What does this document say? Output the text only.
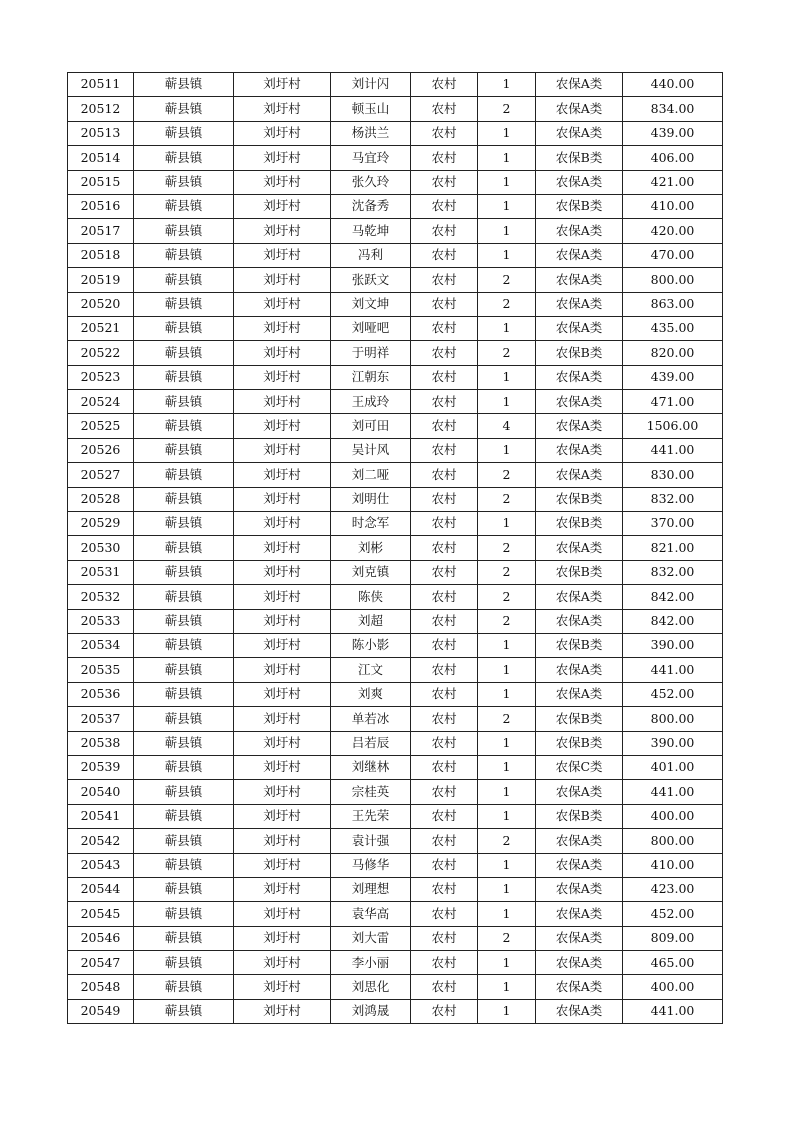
20511	蕲县镇	刘圩村	刘计闪	农村	1	农保A类	440.00
20512	蕲县镇	刘圩村	顿玉山	农村	2	农保A类	834.00
20513	蕲县镇	刘圩村	杨洪兰	农村	1	农保A类	439.00
20514	蕲县镇	刘圩村	马宜玲	农村	1	农保B类	406.00
20515	蕲县镇	刘圩村	张久玲	农村	1	农保A类	421.00
20516	蕲县镇	刘圩村	沈备秀	农村	1	农保B类	410.00
20517	蕲县镇	刘圩村	马乾坤	农村	1	农保A类	420.00
20518	蕲县镇	刘圩村	冯利	农村	1	农保A类	470.00
20519	蕲县镇	刘圩村	张跃文	农村	2	农保A类	800.00
20520	蕲县镇	刘圩村	刘文坤	农村	2	农保A类	863.00
20521	蕲县镇	刘圩村	刘哑吧	农村	1	农保A类	435.00
20522	蕲县镇	刘圩村	于明祥	农村	2	农保B类	820.00
20523	蕲县镇	刘圩村	江朝东	农村	1	农保A类	439.00
20524	蕲县镇	刘圩村	王成玲	农村	1	农保A类	471.00
20525	蕲县镇	刘圩村	刘可田	农村	4	农保A类	1506.00
20526	蕲县镇	刘圩村	吴计风	农村	1	农保A类	441.00
20527	蕲县镇	刘圩村	刘二哑	农村	2	农保A类	830.00
20528	蕲县镇	刘圩村	刘明仕	农村	2	农保B类	832.00
20529	蕲县镇	刘圩村	时念军	农村	1	农保B类	370.00
20530	蕲县镇	刘圩村	刘彬	农村	2	农保A类	821.00
20531	蕲县镇	刘圩村	刘克镇	农村	2	农保B类	832.00
20532	蕲县镇	刘圩村	陈侠	农村	2	农保A类	842.00
20533	蕲县镇	刘圩村	刘超	农村	2	农保A类	842.00
20534	蕲县镇	刘圩村	陈小影	农村	1	农保B类	390.00
20535	蕲县镇	刘圩村	江文	农村	1	农保A类	441.00
20536	蕲县镇	刘圩村	刘爽	农村	1	农保A类	452.00
20537	蕲县镇	刘圩村	单若冰	农村	2	农保B类	800.00
20538	蕲县镇	刘圩村	吕若辰	农村	1	农保B类	390.00
20539	蕲县镇	刘圩村	刘继林	农村	1	农保C类	401.00
20540	蕲县镇	刘圩村	宗桂英	农村	1	农保A类	441.00
20541	蕲县镇	刘圩村	王先荣	农村	1	农保B类	400.00
20542	蕲县镇	刘圩村	袁计强	农村	2	农保A类	800.00
20543	蕲县镇	刘圩村	马修华	农村	1	农保A类	410.00
20544	蕲县镇	刘圩村	刘理想	农村	1	农保A类	423.00
20545	蕲县镇	刘圩村	袁华高	农村	1	农保A类	452.00
20546	蕲县镇	刘圩村	刘大雷	农村	2	农保A类	809.00
20547	蕲县镇	刘圩村	李小丽	农村	1	农保A类	465.00
20548	蕲县镇	刘圩村	刘思化	农村	1	农保A类	400.00
20549	蕲县镇	刘圩村	刘鸿晟	农村	1	农保A类	441.00
